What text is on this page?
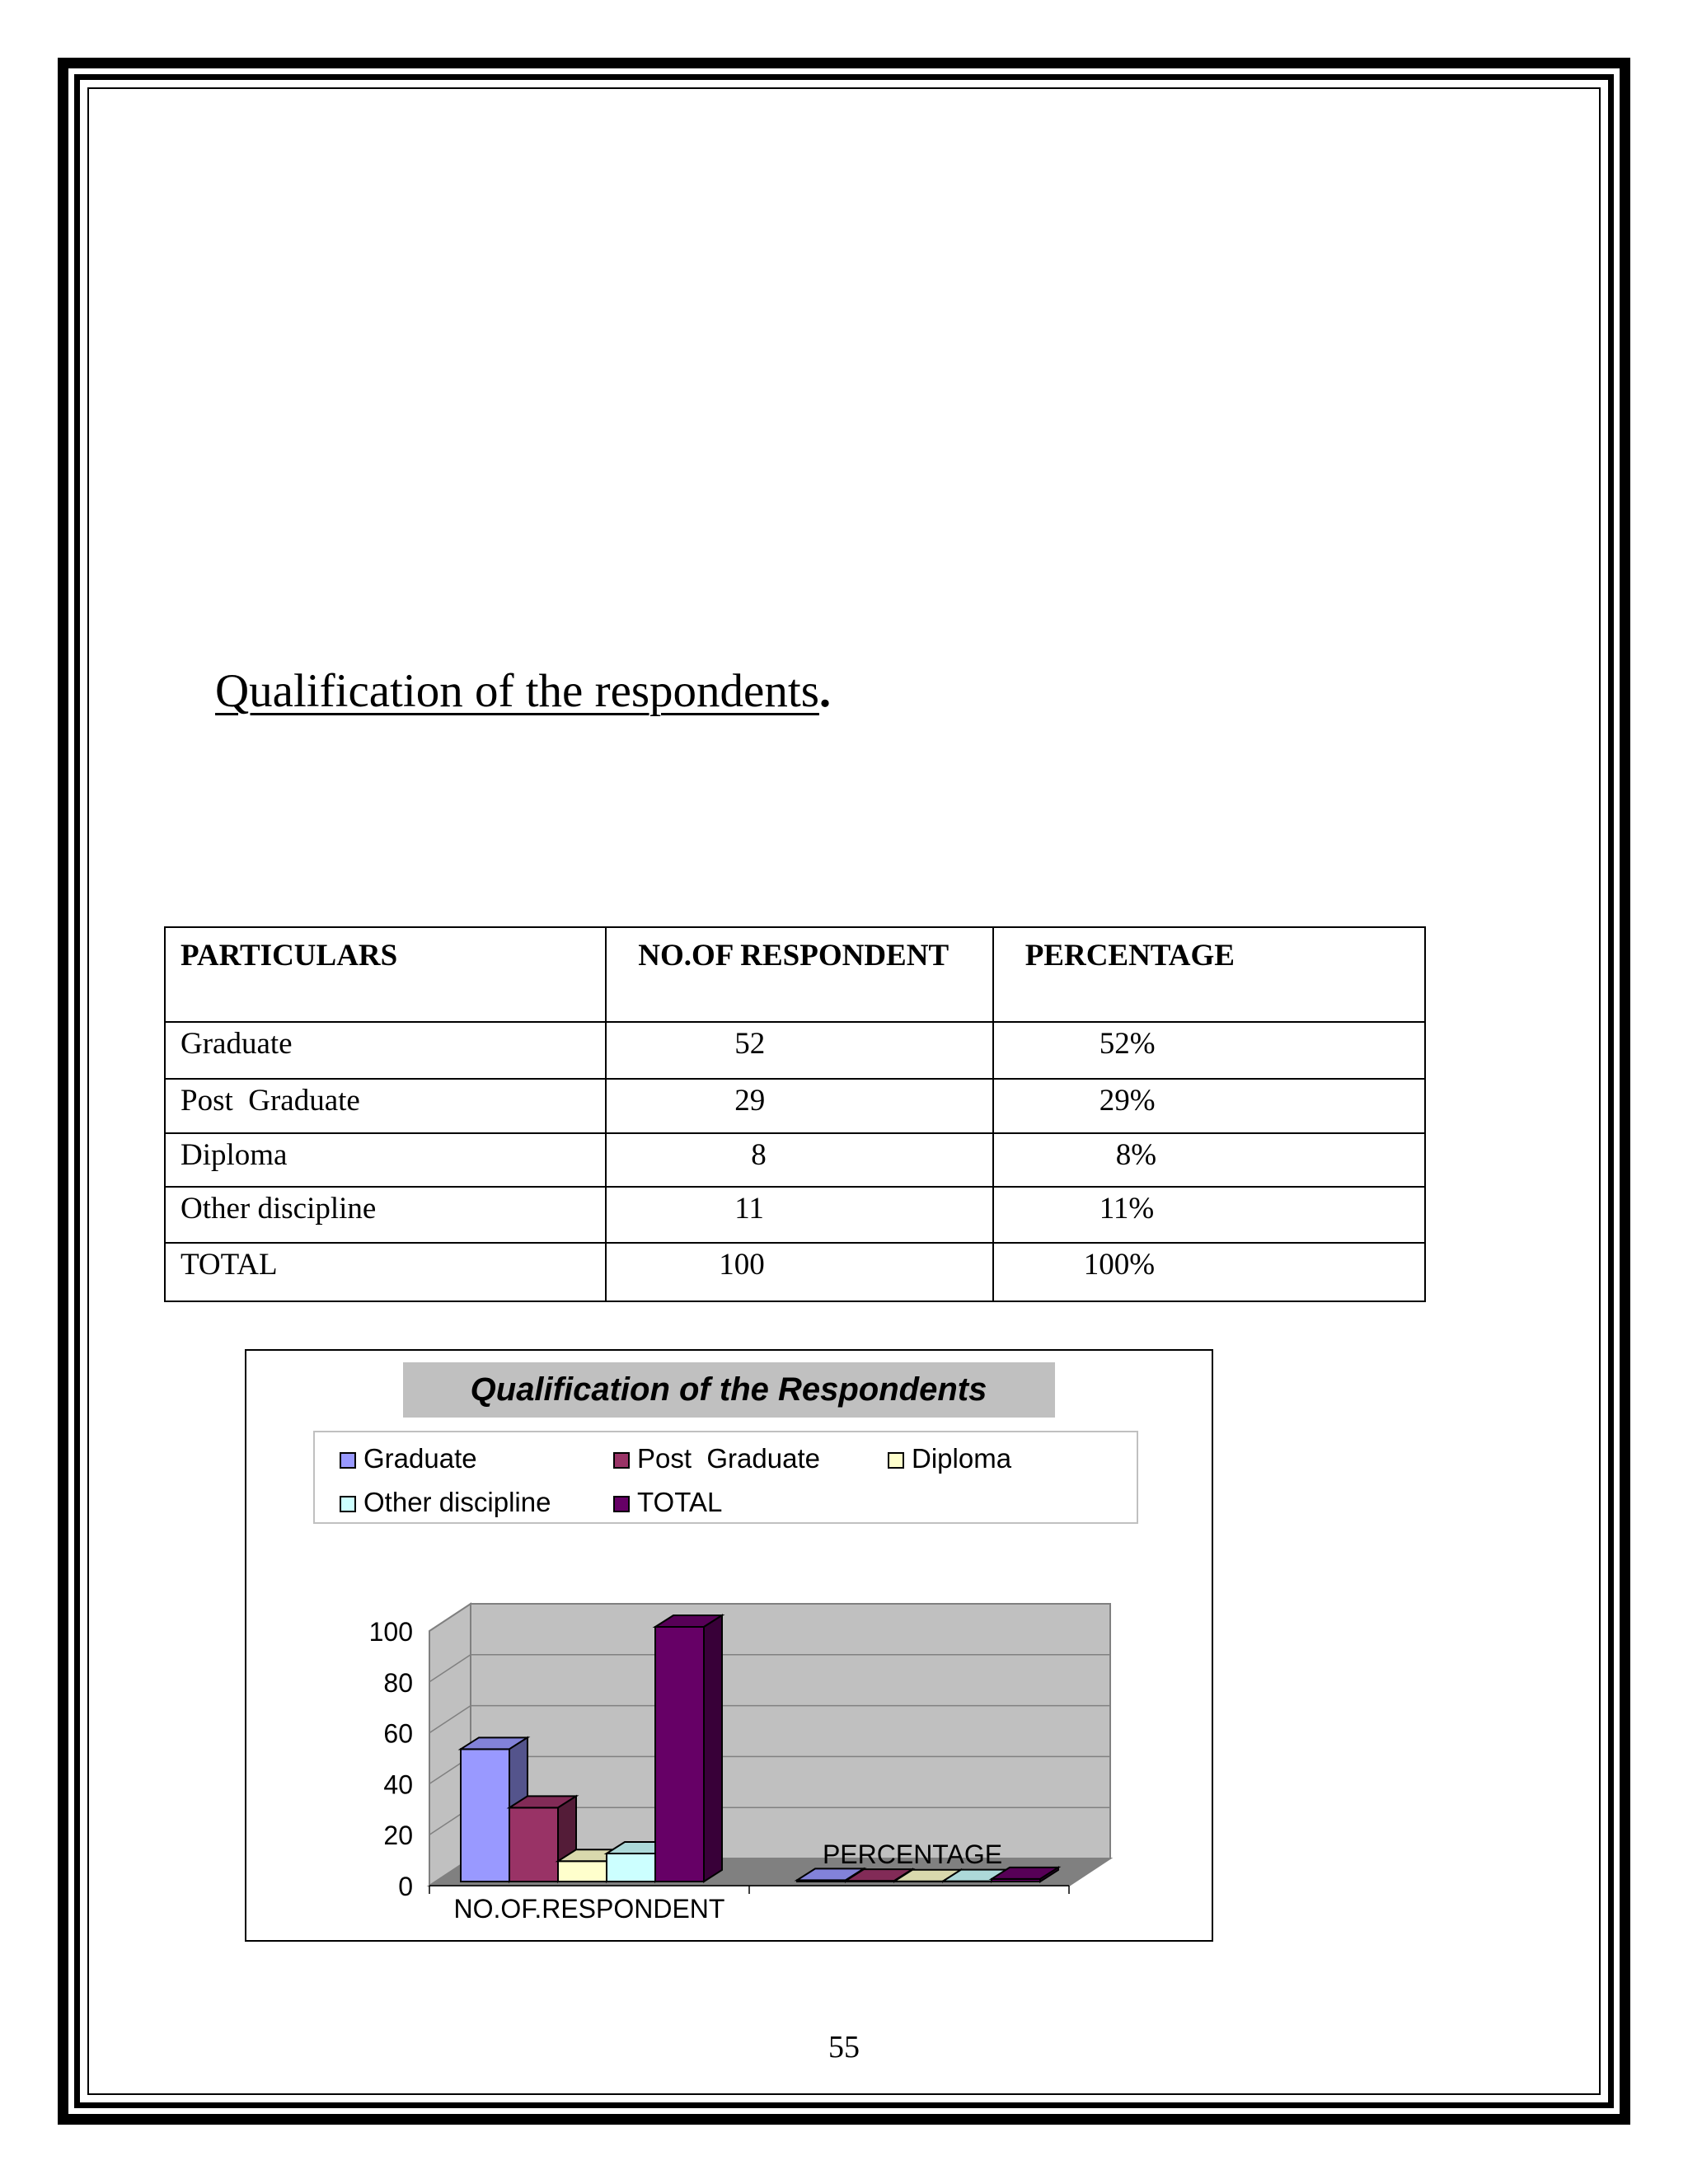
Qualification of the respondents.
PARTICULARS	NO.OF RESPONDENT	PERCENTAGE
Graduate	52	52%
Post  Graduate	29	29%
Diploma	8	8%
Other discipline	11	11%
TOTAL	100	100%
Qualification of the Respondents
Graduate	Post  Graduate	Diploma
Other discipline	TOTAL
0
20
40
60
80
100
NO.OF.RESPONDENT
PERCENTAGE
55
